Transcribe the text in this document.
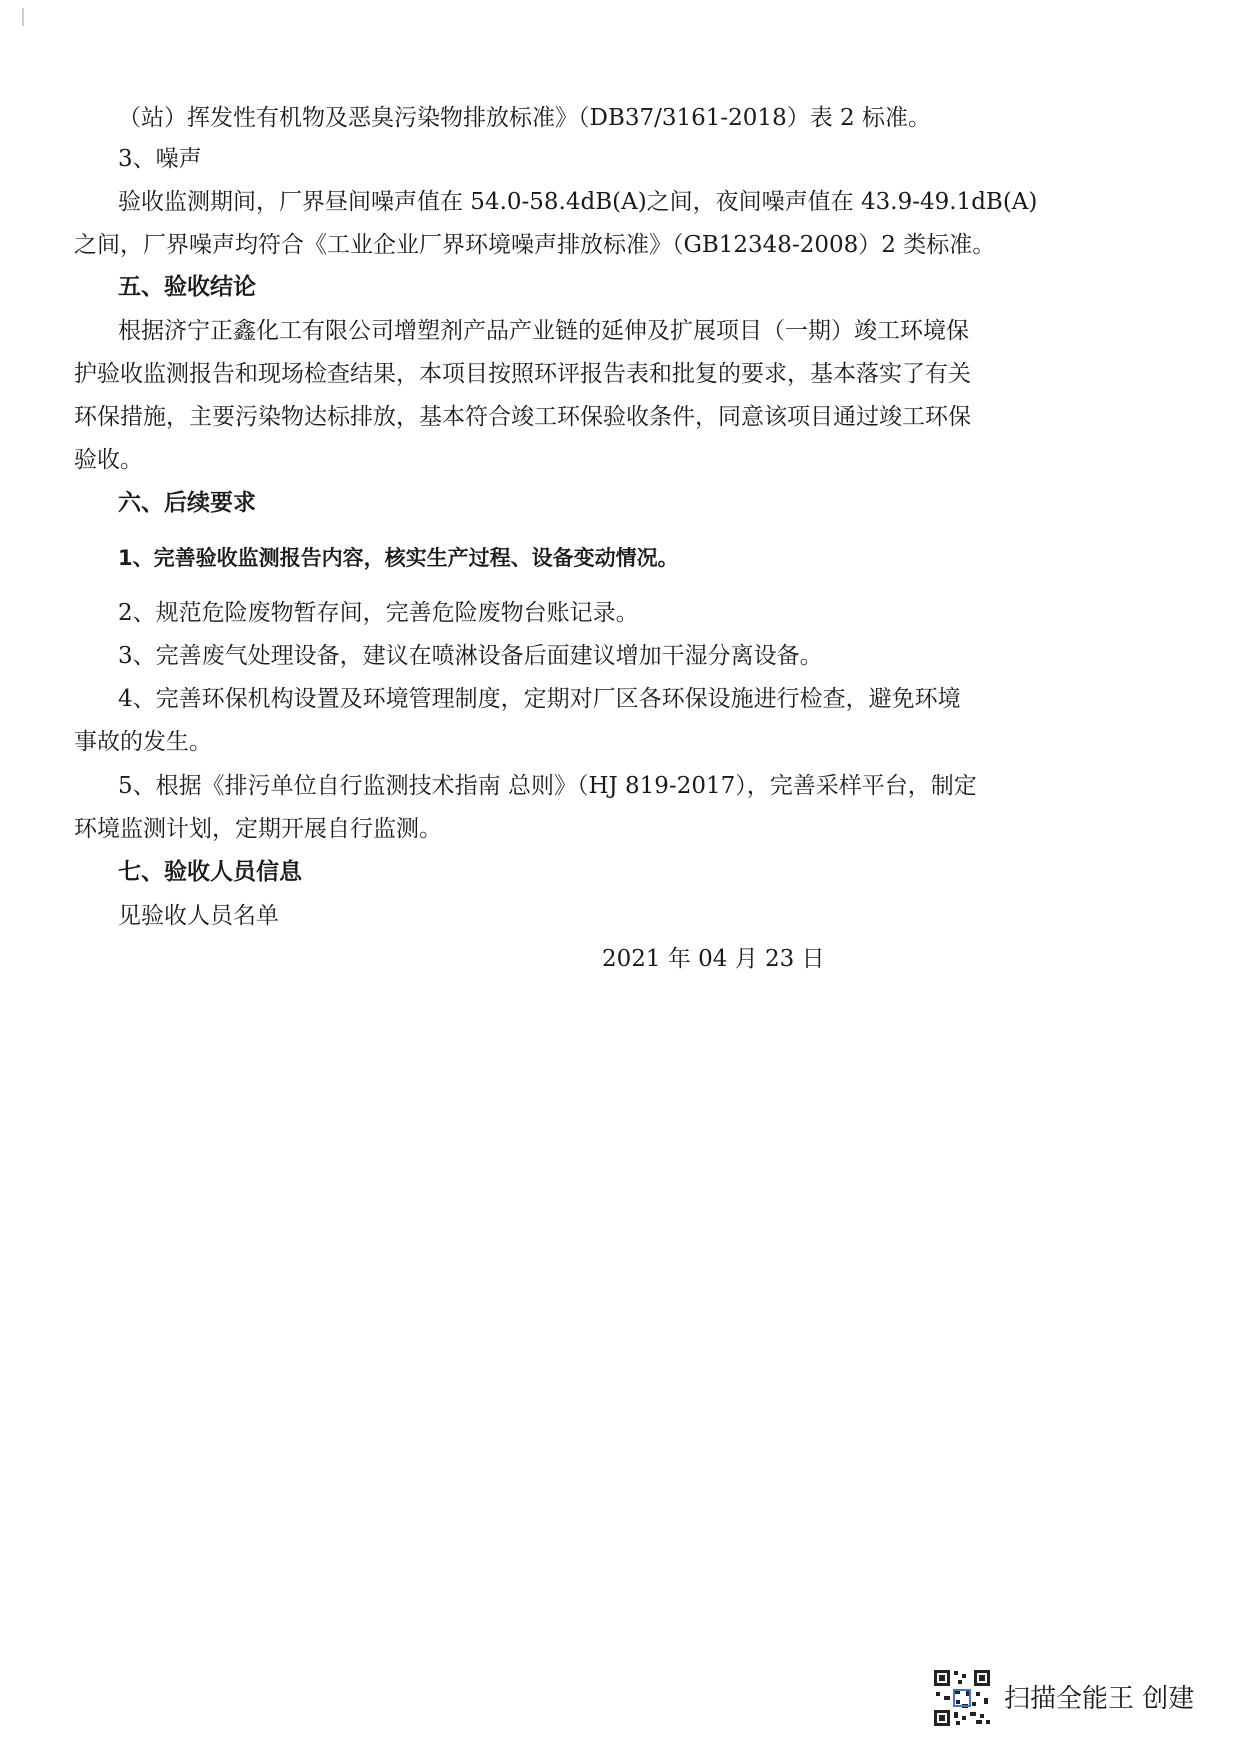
（站）挥发性有机物及恶臭污染物排放标准》（DB37/3161-2018）表 2 标准。
3、噪声
验收监测期间，厂界昼间噪声值在 54.0-58.4dB(A)之间，夜间噪声值在 43.9-49.1dB(A)
之间，厂界噪声均符合《工业企业厂界环境噪声排放标准》（GB12348-2008）2 类标准。
五、验收结论
根据济宁正鑫化工有限公司增塑剂产品产业链的延伸及扩展项目（一期）竣工环境保
护验收监测报告和现场检查结果，本项目按照环评报告表和批复的要求，基本落实了有关
环保措施，主要污染物达标排放，基本符合竣工环保验收条件，同意该项目通过竣工环保
验收。
六、后续要求
1、完善验收监测报告内容，核实生产过程、设备变动情况。
2、规范危险废物暂存间，完善危险废物台账记录。
3、完善废气处理设备，建议在喷淋设备后面建议增加干湿分离设备。
4、完善环保机构设置及环境管理制度，定期对厂区各环保设施进行检查，避免环境
事故的发生。
5、根据《排污单位自行监测技术指南 总则》（HJ 819-2017），完善采样平台，制定
环境监测计划，定期开展自行监测。
七、验收人员信息
见验收人员名单
2021 年 04 月 23 日
扫描全能王 创建
